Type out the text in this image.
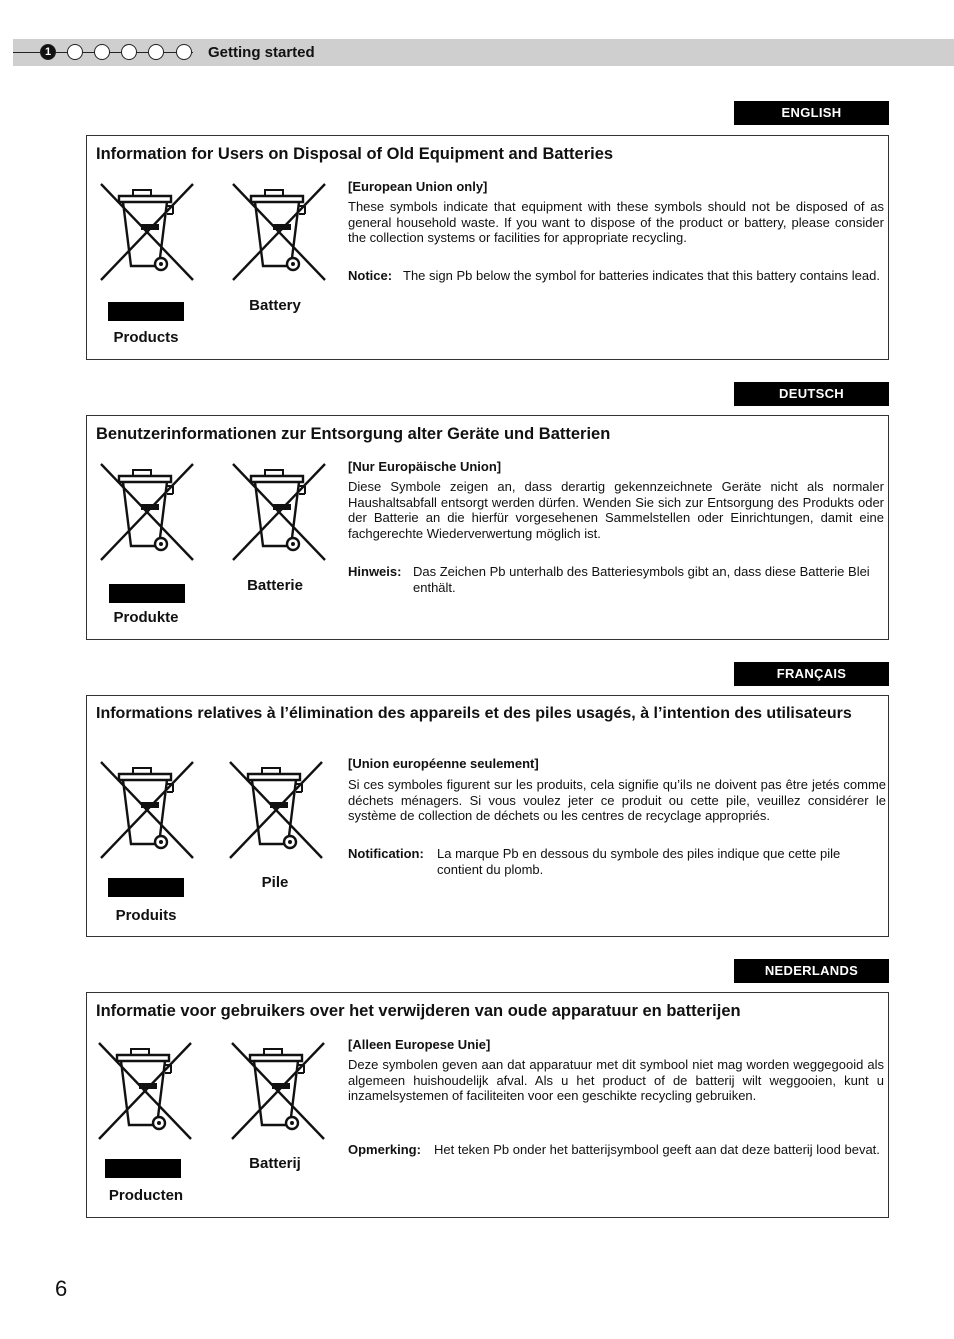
1	Getting started
ENGLISH
Information for Users on Disposal of Old Equipment and Batteries
Products
Battery
[European Union only]
These symbols indicate that equipment with these symbols should not be disposed of as general household waste. If you want to dispose of the product or battery, please consider the collection systems or facilities for appropriate recycling.
Notice: The sign Pb below the symbol for batteries indicates that this battery contains lead.
DEUTSCH
Benutzerinformationen zur Entsorgung alter Geräte und Batterien
Produkte
Batterie
[Nur Europäische Union]
Diese Symbole zeigen an, dass derartig gekennzeichnete Geräte nicht als normaler Haushaltsabfall entsorgt werden dürfen. Wenden Sie sich zur Entsorgung des Produkts oder der Batterie an die hierfür vorgesehenen Sammelstellen oder Einrichtungen, damit eine fachgerechte Wiederverwertung möglich ist.
Hinweis: Das Zeichen Pb unterhalb des Batteriesymbols gibt an, dass diese Batterie Blei enthält.
FRANÇAIS
Informations relatives à l’élimination des appareils et des piles usagés, à l’intention des utilisateurs
Produits
Pile
[Union européenne seulement]
Si ces symboles figurent sur les produits, cela signifie qu’ils ne doivent pas être jetés comme déchets ménagers. Si vous voulez jeter ce produit ou cette pile, veuillez considérer le système de collection de déchets ou les centres de recyclage appropriés.
Notification: La marque Pb en dessous du symbole des piles indique que cette pile contient du plomb.
NEDERLANDS
Informatie voor gebruikers over het verwijderen van oude apparatuur en batterijen
Producten
Batterij
[Alleen Europese Unie]
Deze symbolen geven aan dat apparatuur met dit symbool niet mag worden weggegooid als algemeen huishoudelijk afval. Als u het product of de batterij wilt weggooien, kunt u inzamelsystemen of faciliteiten voor een geschikte recycling gebruiken.
Opmerking: Het teken Pb onder het batterijsymbool geeft aan dat deze batterij lood bevat.
6
